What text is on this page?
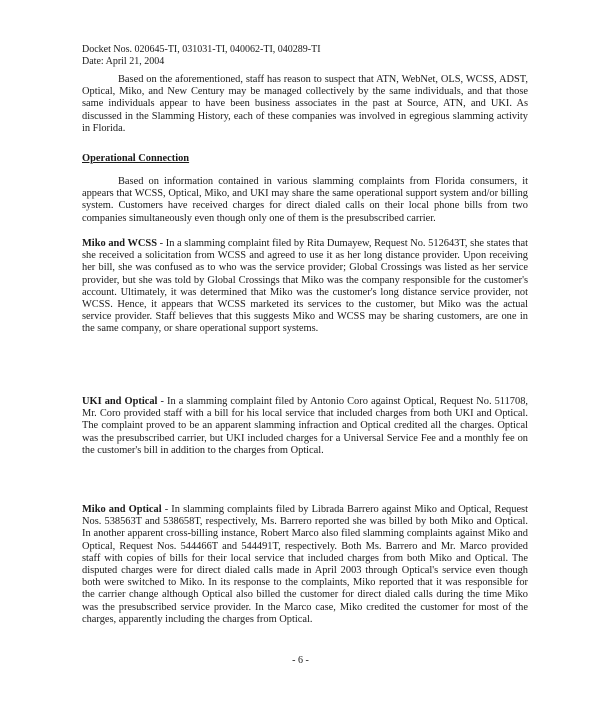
Docket Nos. 020645-TI, 031031-TI, 040062-TI, 040289-TI
Date: April 21, 2004
Based on the aforementioned, staff has reason to suspect that ATN, WebNet, OLS, WCSS, ADST, Optical, Miko, and New Century may be managed collectively by the same individuals, and that those same individuals appear to have been business associates in the past at Source, ATN, and UKI. As discussed in the Slamming History, each of these companies was involved in egregious slamming activity in Florida.
Operational Connection
Based on information contained in various slamming complaints from Florida consumers, it appears that WCSS, Optical, Miko, and UKI may share the same operational support system and/or billing system. Customers have received charges for direct dialed calls on their local phone bills from two companies simultaneously even though only one of them is the presubscribed carrier.
Miko and WCSS - In a slamming complaint filed by Rita Dumayew, Request No. 512643T, she states that she received a solicitation from WCSS and agreed to use it as her long distance provider. Upon receiving her bill, she was confused as to who was the service provider; Global Crossings was listed as her service provider, but she was told by Global Crossings that Miko was the company responsible for the customer's account. Ultimately, it was determined that Miko was the customer's long distance service provider, not WCSS. Hence, it appears that WCSS marketed its services to the customer, but Miko was the actual service provider. Staff believes that this suggests Miko and WCSS may be sharing customers, are one in the same company, or share operational support systems.
UKI and Optical - In a slamming complaint filed by Antonio Coro against Optical, Request No. 511708, Mr. Coro provided staff with a bill for his local service that included charges from both UKI and Optical. The complaint proved to be an apparent slamming infraction and Optical credited all the charges. Optical was the presubscribed carrier, but UKI included charges for a Universal Service Fee and a monthly fee on the customer's bill in addition to the charges from Optical.
Miko and Optical - In slamming complaints filed by Librada Barrero against Miko and Optical, Request Nos. 538563T and 538658T, respectively, Ms. Barrero reported she was billed by both Miko and Optical. In another apparent cross-billing instance, Robert Marco also filed slamming complaints against Miko and Optical, Request Nos. 544466T and 544491T, respectively. Both Ms. Barrero and Mr. Marco provided staff with copies of bills for their local service that included charges from both Miko and Optical. The disputed charges were for direct dialed calls made in April 2003 through Optical's service even though both were switched to Miko. In its response to the complaints, Miko reported that it was responsible for the carrier change although Optical also billed the customer for direct dialed calls during the time Miko was the presubscribed service provider. In the Marco case, Miko credited the customer for most of the charges, apparently including the charges from Optical.
- 6 -
